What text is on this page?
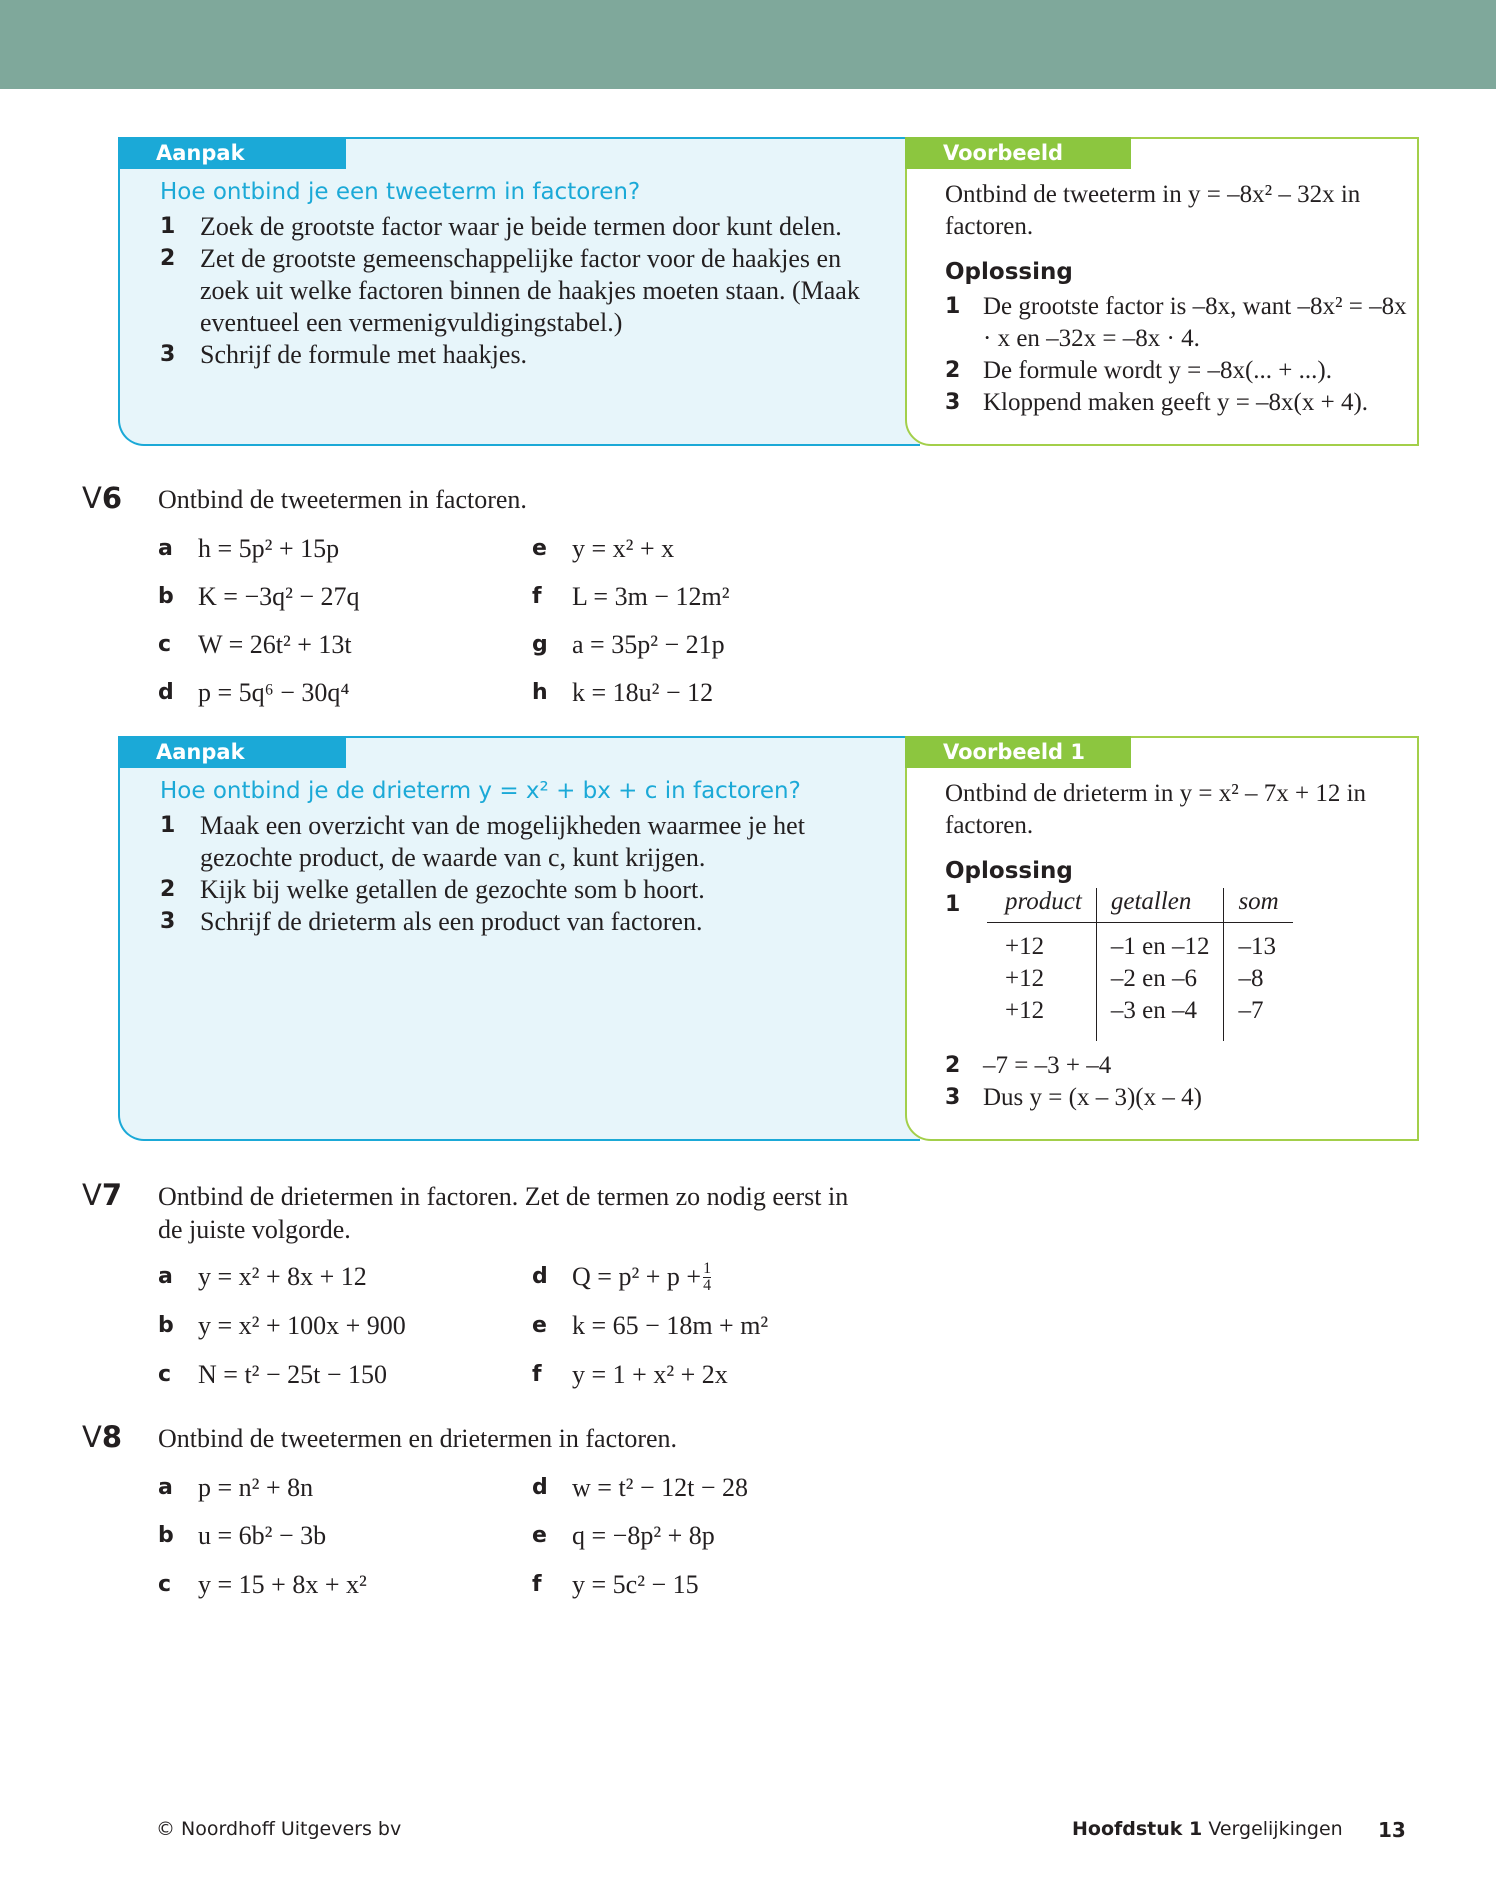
Aanpak
Hoe ontbind je een tweeterm in factoren?
1 Zoek de grootste factor waar je beide termen door kunt delen.
2 Zet de grootste gemeenschappelijke factor voor de haakjes en zoek uit welke factoren binnen de haakjes moeten staan. (Maak eventueel een vermenigvuldigingstabel.)
3 Schrijf de formule met haakjes.
Voorbeeld
Ontbind de tweeterm in y = –8x² – 32x in factoren.
Oplossing
1 De grootste factor is –8x, want –8x² = –8x · x en –32x = –8x · 4.
2 De formule wordt y = –8x(... + ...).
3 Kloppend maken geeft y = –8x(x + 4).
V6 Ontbind de tweetermen in factoren.
a h = 5p² + 15p
b K = −3q² − 27q
c	W = 26t² + 13t
d p = 5q⁶ − 30q⁴
e y = x² + x
f	L = 3m − 12m²
g a = 35p² − 21p
h k = 18u² − 12
Aanpak
Hoe ontbind je de drieterm y = x² + bx + c in factoren?
1 Maak een overzicht van de mogelijkheden waarmee je het gezochte product, de waarde van c, kunt krijgen.
2 Kijk bij welke getallen de gezochte som b hoort.
3 Schrijf de drieterm als een product van factoren.
Voorbeeld 1
Ontbind de drieterm in y = x² – 7x + 12 in factoren.
Oplossing
1 product	getallen	som
+12	–1 en –12	–13
+12	–2 en –6	–8
+12	–3 en –4	–7
2 –7 = –3 + –4
3 Dus y = (x – 3)(x – 4)
V7 Ontbind de drietermen in factoren. Zet de termen zo nodig eerst in de juiste volgorde.
a y = x² + 8x + 12
b y = x² + 100x + 900
c	N = t² − 25t − 150
d $Q = p^2 + p + \frac{1}{4}$
e k = 65 − 18m + m²
f	y = 1 + x² + 2x
V8 Ontbind de tweetermen en drietermen in factoren.
a p = n² + 8n
b u = 6b² − 3b
c	y = 15 + 8x + x²
d w = t² − 12t − 28
e q = −8p² + 8p
f	y = 5c² − 15
© Noordhoff Uitgevers bv	Hoofdstuk 1 Vergelijkingen 13
